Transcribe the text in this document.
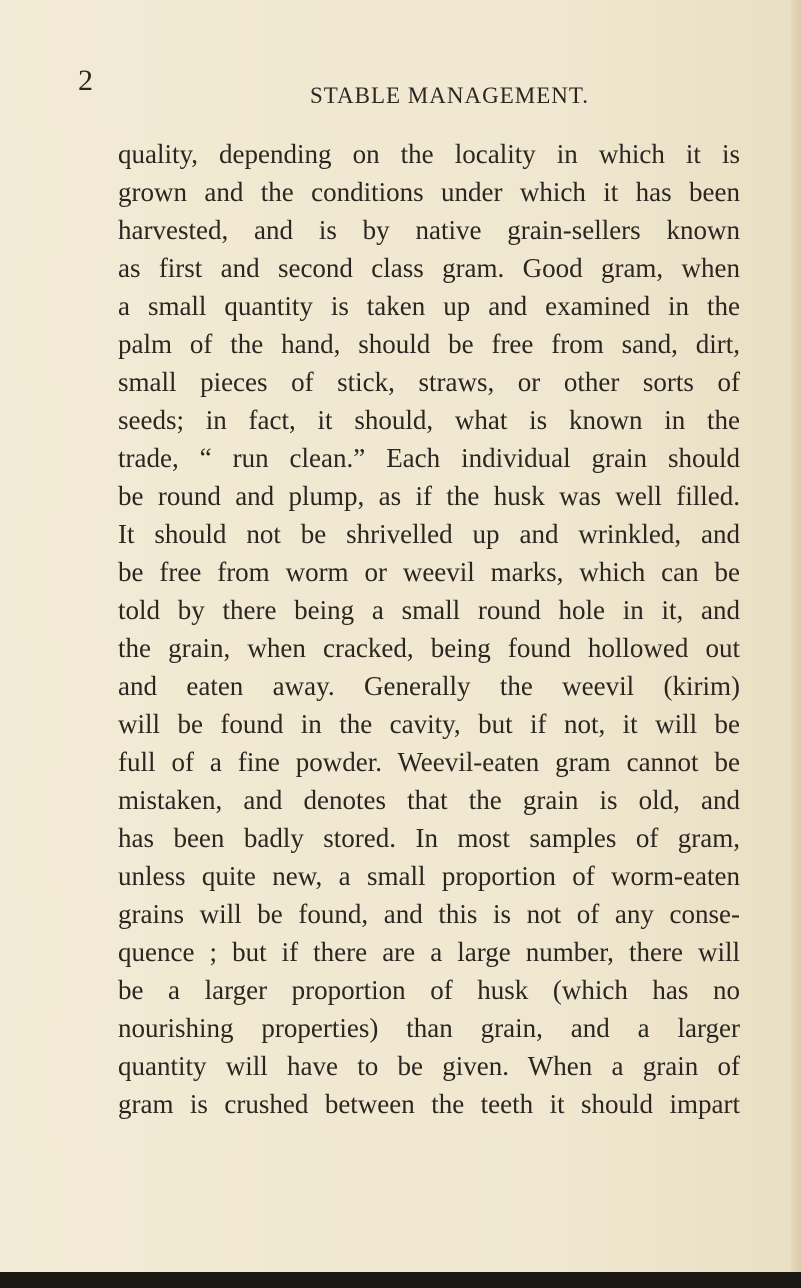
2	STABLE MANAGEMENT.
quality, depending on the locality in which it is
grown and the conditions under which it has been
harvested, and is by native grain-sellers known
as first and second class gram. Good gram, when
a small quantity is taken up and examined in the
palm of the hand, should be free from sand, dirt,
small pieces of stick, straws, or other sorts of
seeds; in fact, it should, what is known in the
trade, “ run clean.” Each individual grain should
be round and plump, as if the husk was well filled.
It should not be shrivelled up and wrinkled, and
be free from worm or weevil marks, which can be
told by there being a small round hole in it, and
the grain, when cracked, being found hollowed out
and eaten away. Generally the weevil (kirim)
will be found in the cavity, but if not, it will be
full of a fine powder. Weevil-eaten gram cannot be
mistaken, and denotes that the grain is old, and
has been badly stored. In most samples of gram,
unless quite new, a small proportion of worm-eaten
grains will be found, and this is not of any conse-
quence ; but if there are a large number, there will
be a larger proportion of husk (which has no
nourishing properties) than grain, and a larger
quantity will have to be given. When a grain of
gram is crushed between the teeth it should impart
